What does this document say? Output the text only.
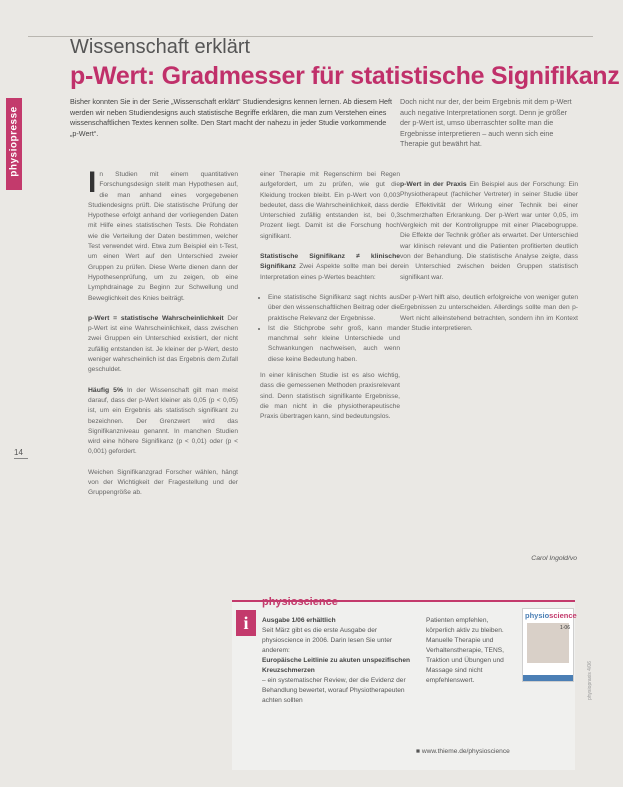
physiopresse
Wissenschaft erklärt
p-Wert: Gradmesser für statistische Signifikanz
Bisher konnten Sie in der Serie „Wissenschaft erklärt“ Studiendesigns kennen lernen. Ab diesem Heft werden wir neben Studiendesigns auch statistische Begriffe erklären, die man zum Verstehen eines wissenschaftlichen Textes kennen sollte. Den Start macht der nahezu in jeder Studie vorkommende „p-Wert“.
Doch nicht nur der, der beim Ergebnis mit dem p-Wert auch negative Interpretationen sorgt. Denn je größer der p-Wert ist, umso überraschter sollte man die Ergebnisse interpretieren – auch wenn sich eine Therapie gut bewährt hat.

In Studien mit einem quantitativen Forschungsdesign stellt man Hypothesen auf, die man anhand eines vorgegebenen Studiendesigns prüft. Die statistische Prüfung der Hypothese erfolgt anhand der vorliegenden Daten mit Hilfe eines statistischen Tests. Die Rohdaten wie die Verteilung der Daten bestimmen, welcher Test verwendet wird. Etwa zum Beispiel ein t-Test, um einen Wert auf den Unterschied zweier Gruppen zu prüfen. Diese Werte dienen dann der Hypothesenprüfung, um zu zeigen, ob eine Lymphdrainage zu Beginn zur Schwellung und Beweglichkeit des Knies beiträgt.

p-Wert = statistische Wahrscheinlichkeit Der p-Wert ist eine Wahrscheinlichkeit, dass zwischen zwei Gruppen ein Unterschied existiert, der nicht zufällig entstanden ist. Je kleiner der p-Wert, desto weniger wahrscheinlich ist das Ergebnis dem Zufall geschuldet.

Häufig 5% In der Wissenschaft gilt man meist darauf, dass der p-Wert kleiner als 0,05 (p < 0,05) ist, um ein Ergebnis als statistisch signifikant zu bezeichnen. Der Grenzwert wird das Signifikanzniveau genannt. In manchen Studien wird eine höhere Signifikanz (p < 0,01) oder (p < 0,001) gefordert.

Weichen Signifikanzgrad Forscher wählen, hängt von der Wichtigkeit der Fragestellung und der Gruppengröße ab.

einer Therapie mit Regenschirm bei Regen aufgefordert, um zu prüfen, wie gut die Kleidung trocken bleibt. Ein p-Wert von 0,003 bedeutet, dass die Wahrscheinlichkeit, dass der Unterschied zufällig entstanden ist, bei 0,3 Prozent liegt. Damit ist die Forschung hoch signifikant.

Statistische Signifikanz ≠ klinische Signifikanz Zwei Aspekte sollte man bei der Interpretation eines p-Wertes beachten:

• Eine statistische Signifikanz sagt nichts aus über den wissenschaftlichen Beitrag oder die praktische Relevanz der Ergebnisse.
• Ist die Stichprobe sehr groß, kann man manchmal sehr kleine Unterschiede und Schwankungen nachweisen, auch wenn diese keine Bedeutung haben.

In einer klinischen Studie ist es also wichtig, dass die gemessenen Methoden praxisrelevant sind. Denn statistisch signifikante Ergebnisse, die man nicht in die physiotherapeutische Praxis übertragen kann, sind bedeutungslos.

p-Wert in der Praxis Ein Beispiel aus der Forschung: Ein Physiotherapeut (fachlicher Vertreter) in seiner Studie über die Effektivität der Wirkung einer Technik bei einer schmerzhaften Erkrankung. Der p-Wert war unter 0,05, im Vergleich mit der Kontrollgruppe mit einer Placebogruppe. Die Effekte der Technik größer als erwartet. Der Unterschied war klinisch relevant und die Patienten profitierten deutlich von der Behandlung. Die statistische Analyse zeigte, dass ein Unterschied zwischen beiden Gruppen statistisch signifikant war.

Der p-Wert hilft also, deutlich erfolgreiche von weniger guten Ergebnissen zu unterscheiden. Allerdings sollte man den p-Wert nicht alleinstehend betrachten, sondern ihn im Kontext der Studie interpretieren.

Carol Ingold/vo
14
i
physioscience
Ausgabe 1/06 erhältlich
Seit März gibt es die erste Ausgabe der physioscience in 2006. Darin lesen Sie unter anderem:
Europäische Leitlinie zu akuten unspezifischen Kreuzschmerzen
– ein systematischer Review, der die Evidenz der Behandlung bewertet, worauf Physiotherapeuten achten sollten
Patienten empfehlen, körperlich aktiv zu bleiben. Manuelle Therapie und Verhaltenstherapie, TENS, Traktion und Übungen und Massage sind nicht empfehlenswert.
■ www.thieme.de/physioscience
physioscience
1·06
physiopraxis 4/06
